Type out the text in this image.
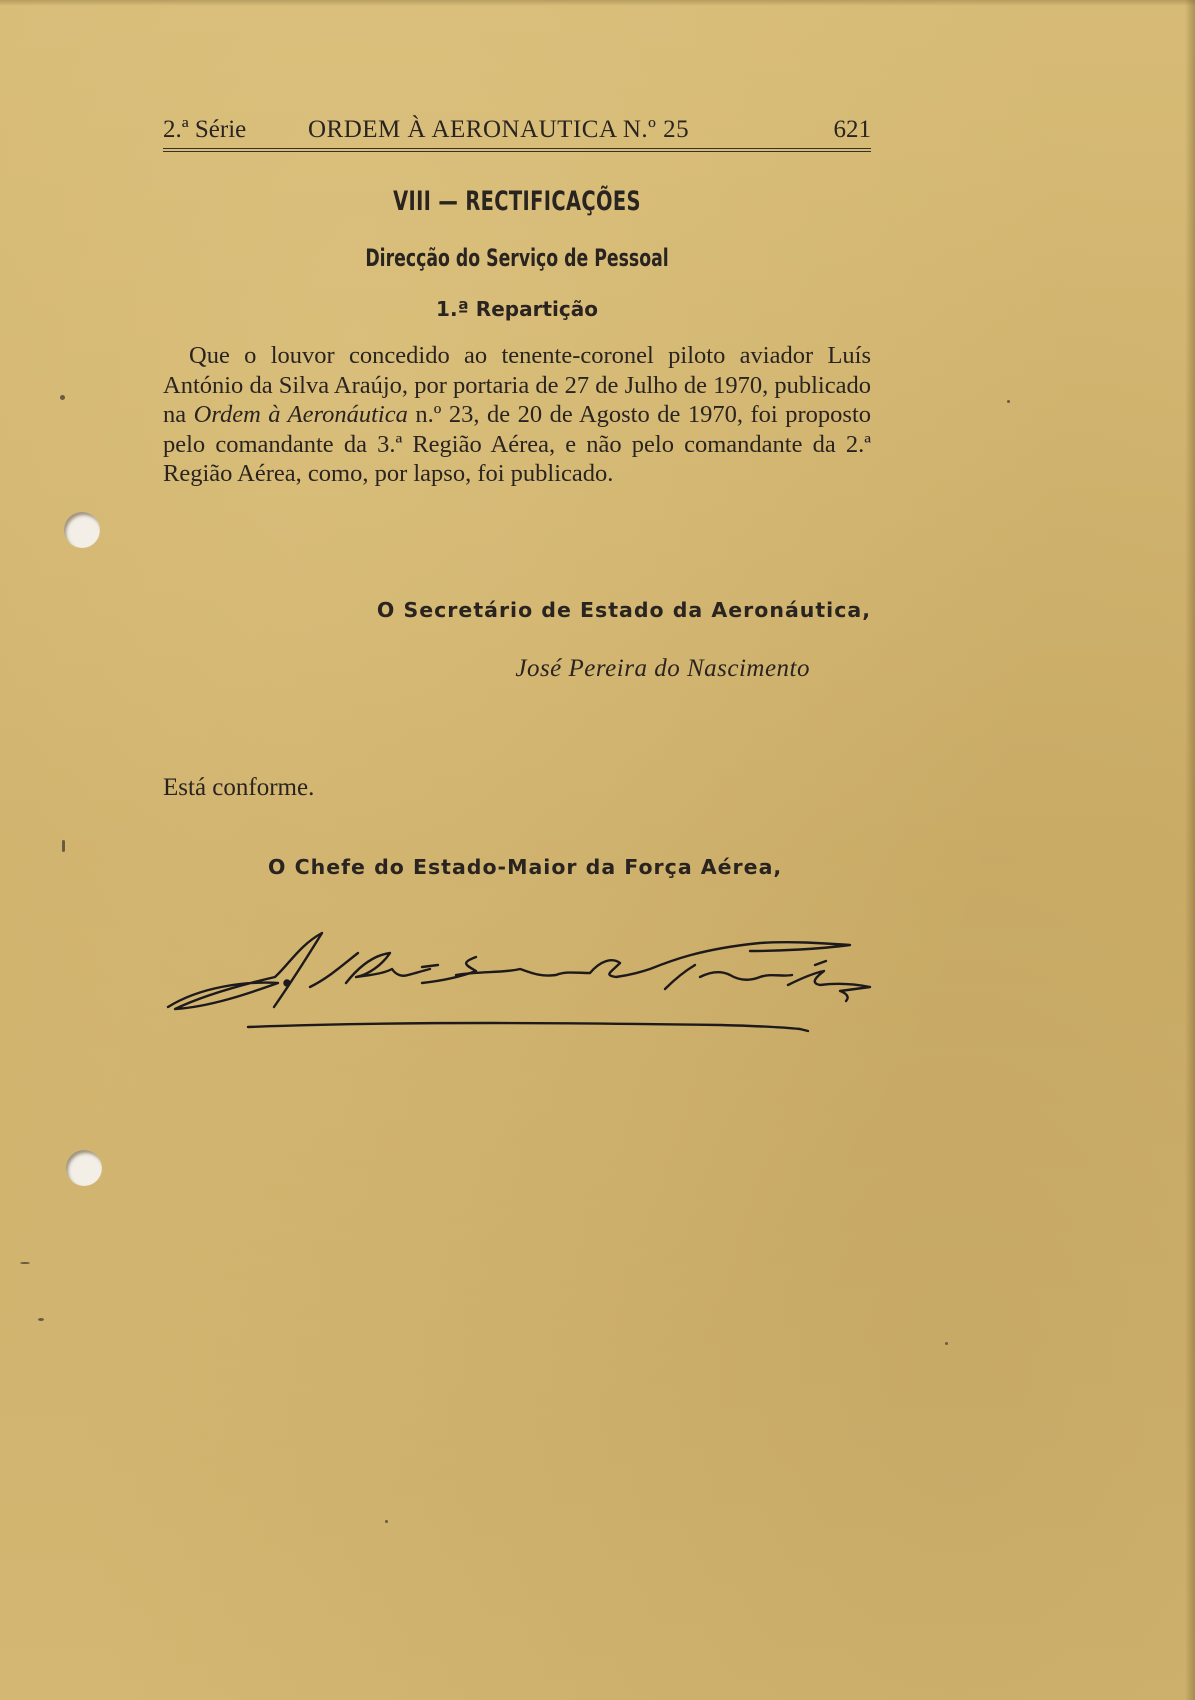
2.ª Série ORDEM À AERONAUTICA N.º 25	621
VIII — RECTIFICAÇÕES
Direcção do Serviço de Pessoal
1.ª Repartição

Que o louvor concedido ao tenente-coronel piloto aviador Luís António da Silva Araújo, por portaria de 27 de Julho de 1970, publicado na Ordem à Aeronáutica n.º 23, de 20 de Agosto de 1970, foi proposto pelo comandante da 3.ª Região Aérea, e não pelo comandante da 2.ª Região Aérea, como, por lapso, foi publicado.

O Secretário de Estado da Aeronáutica,
José Pereira do Nascimento
Está conforme.
O Chefe do Estado-Maior da Força Aérea,
